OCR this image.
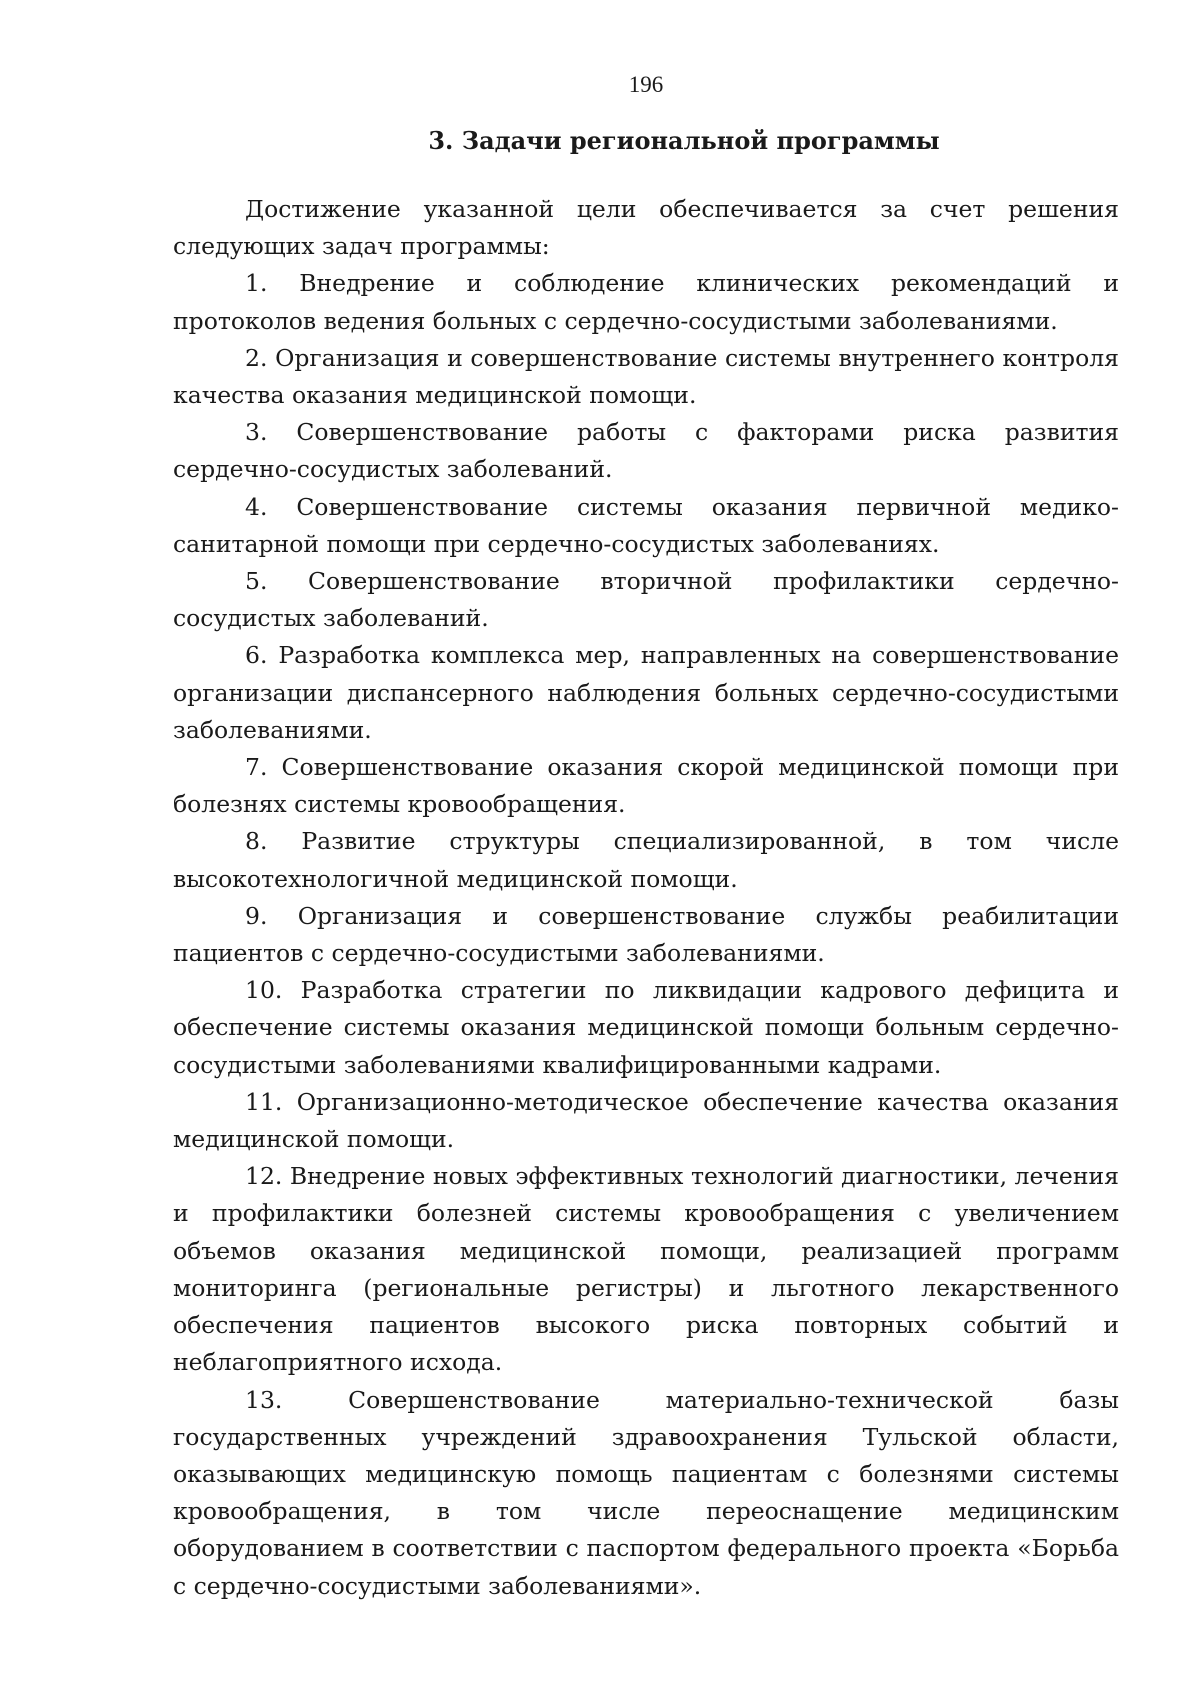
196
3. Задачи региональной программы

Достижение указанной цели обеспечивается за счет решения следующих задач программы:

1. Внедрение и соблюдение клинических рекомендаций и протоколов ведения больных с сердечно-сосудистыми заболеваниями.

2. Организация и совершенствование системы внутреннего контроля качества оказания медицинской помощи.

3. Совершенствование работы с факторами риска развития сердечно-сосудистых заболеваний.

4. Совершенствование системы оказания первичной медико-санитарной помощи при сердечно-сосудистых заболеваниях.

5. Совершенствование вторичной профилактики сердечно-сосудистых заболеваний.

6. Разработка комплекса мер, направленных на совершенствование организации диспансерного наблюдения больных сердечно-сосудистыми заболеваниями.

7. Совершенствование оказания скорой медицинской помощи при болезнях системы кровообращения.

8. Развитие структуры специализированной, в том числе высокотехнологичной медицинской помощи.

9. Организация и совершенствование службы реабилитации пациентов с сердечно-сосудистыми заболеваниями.

10. Разработка стратегии по ликвидации кадрового дефицита и обеспечение системы оказания медицинской помощи больным сердечно-сосудистыми заболеваниями квалифицированными кадрами.

11. Организационно-методическое обеспечение качества оказания медицинской помощи.

12. Внедрение новых эффективных технологий диагностики, лечения и профилактики болезней системы кровообращения с увеличением объемов оказания медицинской помощи, реализацией программ мониторинга (региональные регистры) и льготного лекарственного обеспечения пациентов высокого риска повторных событий и неблагоприятного исхода.

13. Совершенствование материально-технической базы государственных учреждений здравоохранения Тульской области, оказывающих медицинскую помощь пациентам с болезнями системы кровообращения, в том числе переоснащение медицинским оборудованием в соответствии с паспортом федерального проекта «Борьба с сердечно-сосудистыми заболеваниями».
